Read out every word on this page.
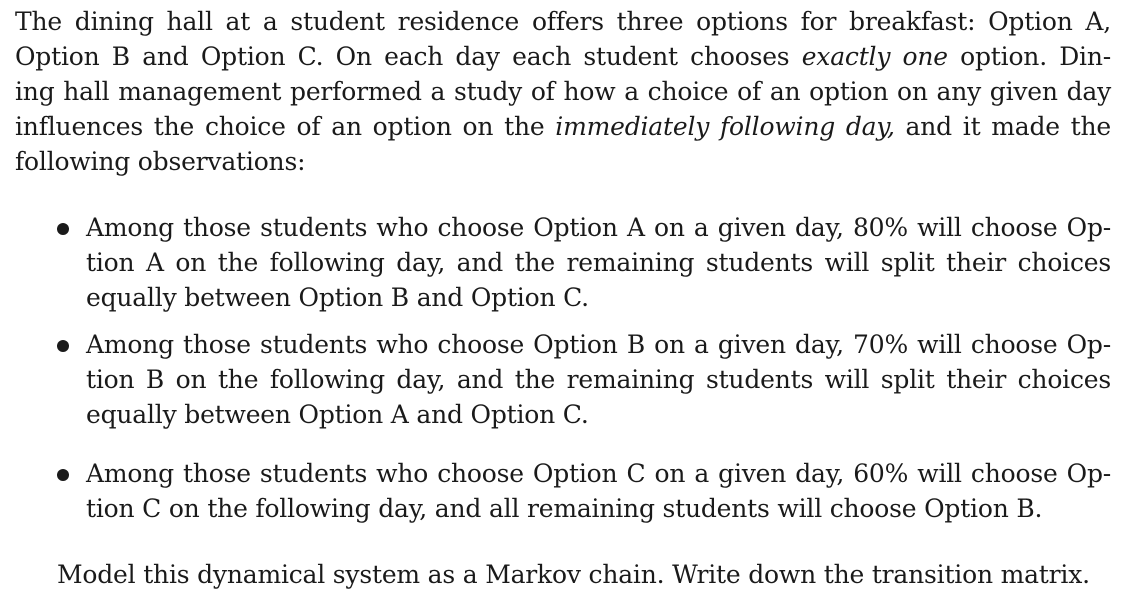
The dining hall at a student residence offers three options for breakfast: Option A,
Option B and Option C. On each day each student chooses exactly one option. Din-
ing hall management performed a study of how a choice of an option on any given day
influences the choice of an option on the immediately following day, and it made the
following observations:
Among those students who choose Option A on a given day, 80% will choose Op-
tion A on the following day, and the remaining students will split their choices
equally between Option B and Option C.
Among those students who choose Option B on a given day, 70% will choose Op-
tion B on the following day, and the remaining students will split their choices
equally between Option A and Option C.
Among those students who choose Option C on a given day, 60% will choose Op-
tion C on the following day, and all remaining students will choose Option B.
Model this dynamical system as a Markov chain. Write down the transition matrix.
